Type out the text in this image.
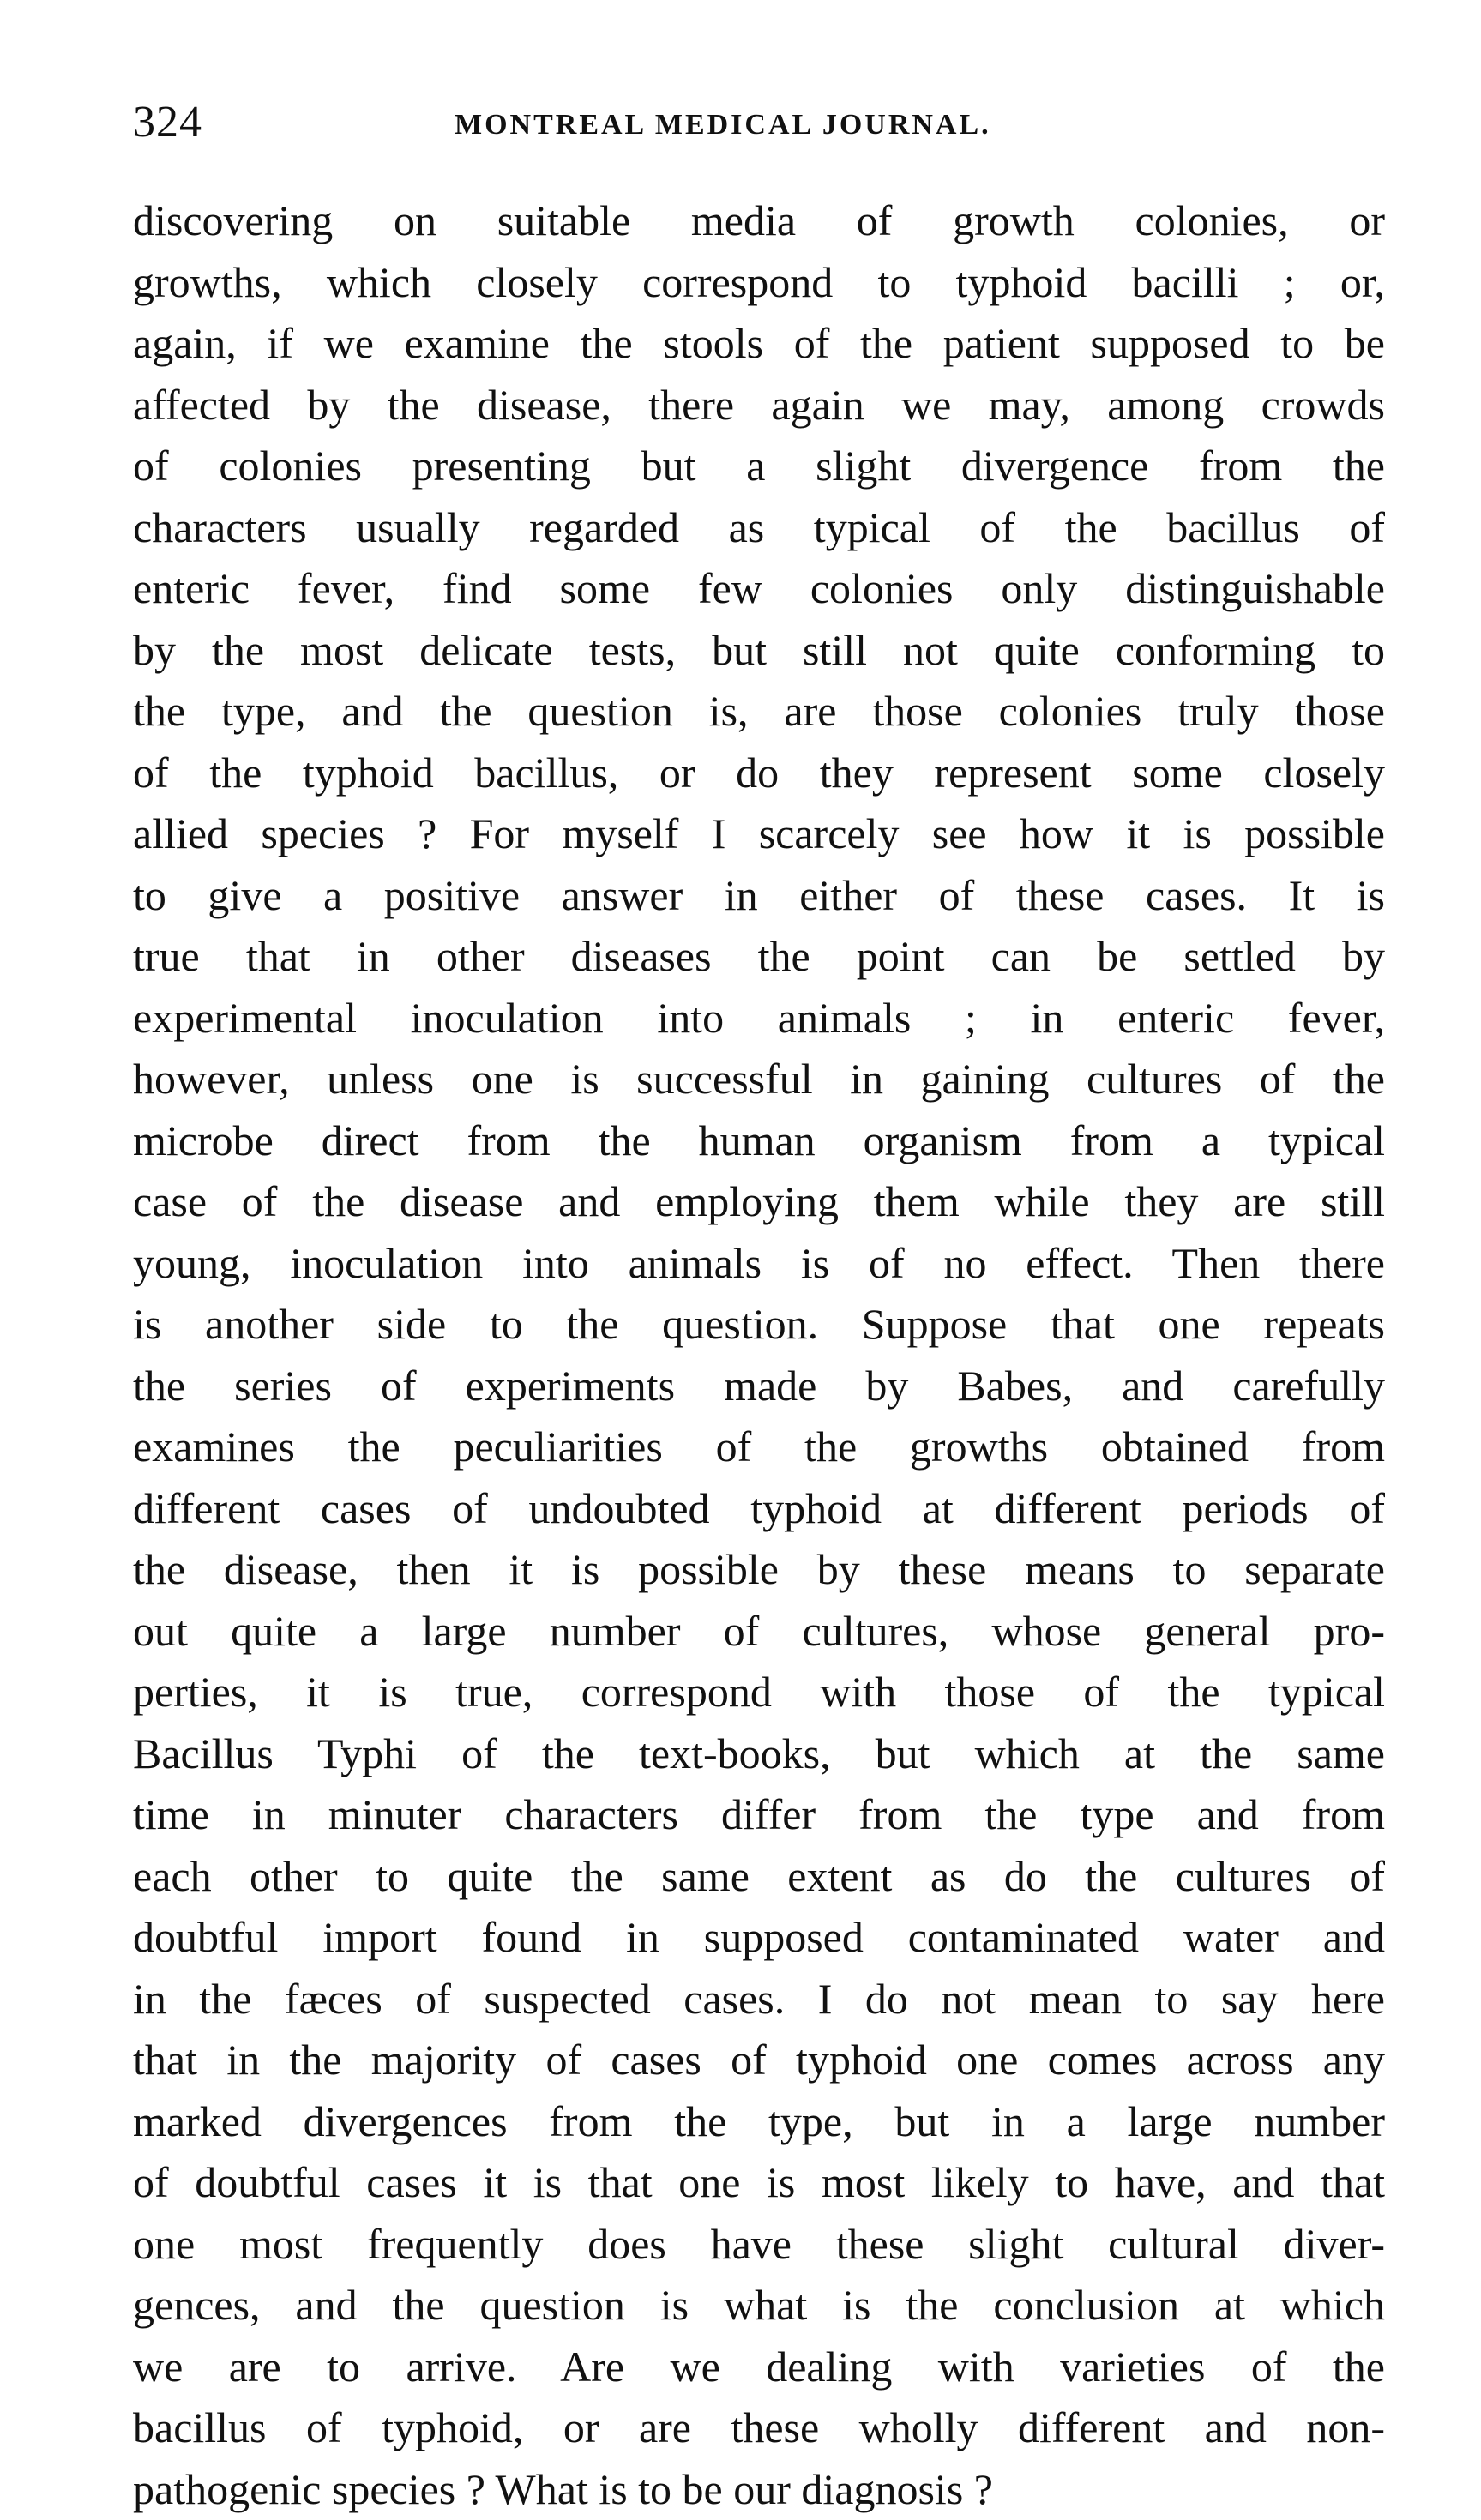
324	MONTREAL MEDICAL JOURNAL.
discovering on suitable media of growth colonies, or
growths, which closely correspond to typhoid bacilli ; or,
again, if we examine the stools of the patient supposed to be
affected by the disease, there again we may, among crowds
of colonies presenting but a slight divergence from the
characters usually regarded as typical of the bacillus of
enteric fever, find some few colonies only distinguishable
by the most delicate tests, but still not quite conforming to
the type, and the question is, are those colonies truly those
of the typhoid bacillus, or do they represent some closely
allied species ? For myself I scarcely see how it is possible
to give a positive answer in either of these cases. It is
true that in other diseases the point can be settled by
experimental inoculation into animals ; in enteric fever,
however, unless one is successful in gaining cultures of the
microbe direct from the human organism from a typical
case of the disease and employing them while they are still
young, inoculation into animals is of no effect. Then there
is another side to the question. Suppose that one repeats
the series of experiments made by Babes, and carefully
examines the peculiarities of the growths obtained from
different cases of undoubted typhoid at different periods of
the disease, then it is possible by these means to separate
out quite a large number of cultures, whose general pro-
perties, it is true, correspond with those of the typical
Bacillus Typhi of the text-books, but which at the same
time in minuter characters differ from the type and from
each other to quite the same extent as do the cultures of
doubtful import found in supposed contaminated water and
in the fæces of suspected cases. I do not mean to say here
that in the majority of cases of typhoid one comes across any
marked divergences from the type, but in a large number
of doubtful cases it is that one is most likely to have, and that
one most frequently does have these slight cultural diver-
gences, and the question is what is the conclusion at which
we are to arrive. Are we dealing with varieties of the
bacillus of typhoid, or are these wholly different and non-
pathogenic species ? What is to be our diagnosis ?
